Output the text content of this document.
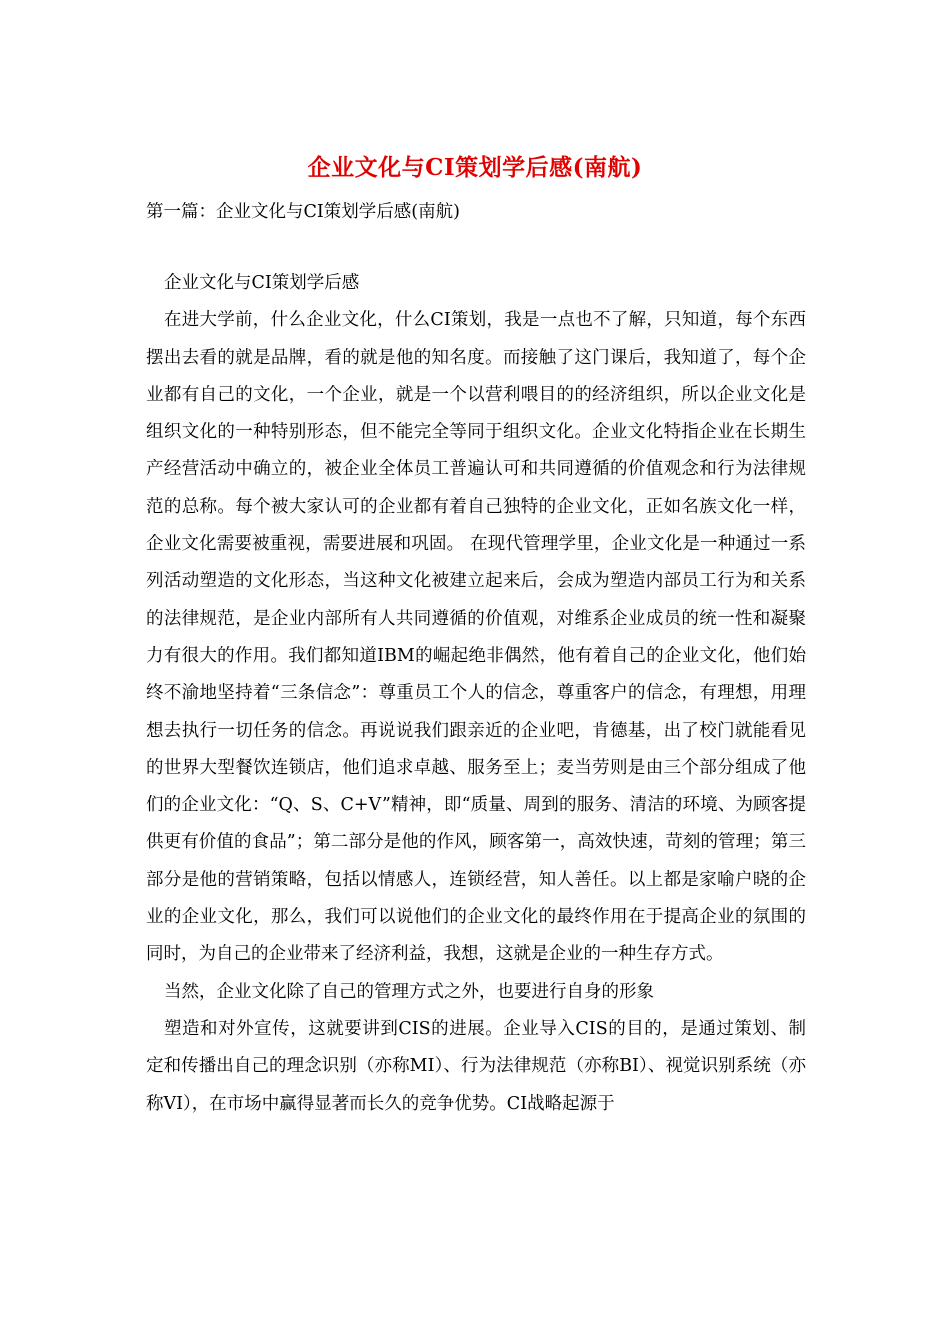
企业文化与CI策划学后感(南航)
第一篇：企业文化与CI策划学后感(南航)

企业文化与CI策划学后感

在进大学前，什么企业文化，什么CI策划，我是一点也不了解，只知道，每个东西摆出去看的就是品牌，看的就是他的知名度。而接触了这门课后，我知道了，每个企业都有自己的文化，一个企业，就是一个以营利喂目的的经济组织，所以企业文化是组织文化的一种特别形态，但不能完全等同于组织文化。企业文化特指企业在长期生产经营活动中确立的，被企业全体员工普遍认可和共同遵循的价值观念和行为法律规范的总称。每个被大家认可的企业都有着自己独特的企业文化，正如名族文化一样，企业文化需要被重视，需要进展和巩固。 在现代管理学里，企业文化是一种通过一系列活动塑造的文化形态，当这种文化被建立起来后，会成为塑造内部员工行为和关系的法律规范，是企业内部所有人共同遵循的价值观，对维系企业成员的统一性和凝聚力有很大的作用。我们都知道IBM的崛起绝非偶然，他有着自己的企业文化，他们始终不渝地坚持着“三条信念”：尊重员工个人的信念，尊重客户的信念，有理想，用理想去执行一切任务的信念。再说说我们跟亲近的企业吧，肯德基，出了校门就能看见的世界大型餐饮连锁店，他们追求卓越、服务至上；麦当劳则是由三个部分组成了他们的企业文化：“Q、S、C+V”精神，即“质量、周到的服务、清洁的环境、为顾客提供更有价值的食品”；第二部分是他的作风，顾客第一，高效快速，苛刻的管理；第三部分是他的营销策略，包括以情感人，连锁经营，知人善任。以上都是家喻户晓的企业的企业文化，那么，我们可以说他们的企业文化的最终作用在于提高企业的氛围的同时，为自己的企业带来了经济利益，我想，这就是企业的一种生存方式。

当然，企业文化除了自己的管理方式之外，也要进行自身的形象

塑造和对外宣传，这就要讲到CIS的进展。企业导入CIS的目的，是通过策划、制定和传播出自己的理念识别（亦称MI）、行为法律规范（亦称BI）、视觉识别系统（亦称VI），在市场中赢得显著而长久的竞争优势。CI战略起源于
